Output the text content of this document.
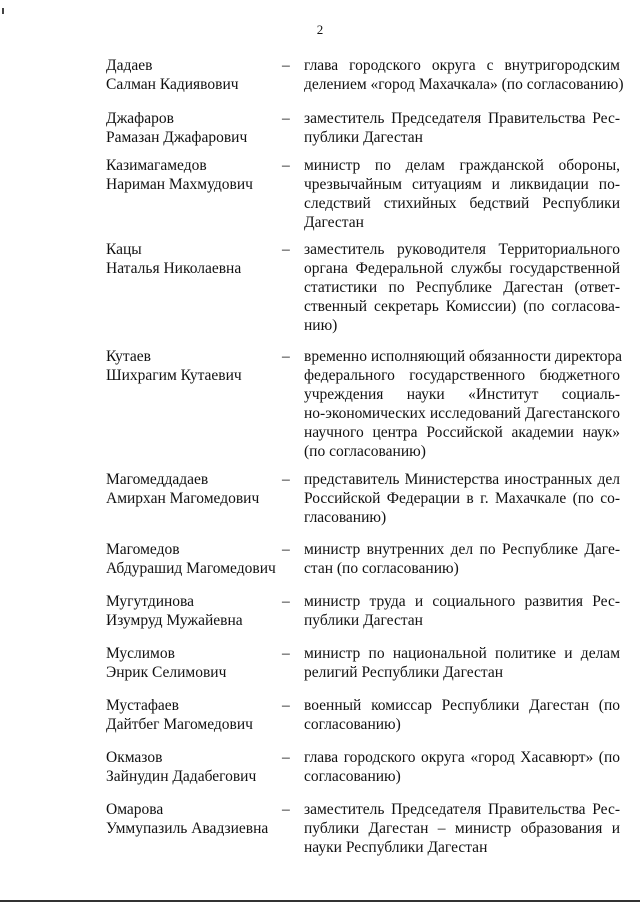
2
Дадаев
Салман Кадиявович
– глава городского округа с внутригородским
делением «город Махачкала» (по согласованию)
Джафаров
Рамазан Джафарович
– заместитель Председателя Правительства Рес-
публики Дагестан
Казимагамедов
Нариман Махмудович
– министр по делам гражданской обороны,
чрезвычайным ситуациям и ликвидации по-
следствий стихийных бедствий Республики
Дагестан
Кацы
Наталья Николаевна
– заместитель руководителя Территориального
органа Федеральной службы государственной
статистики по Республике Дагестан (ответ-
ственный секретарь Комиссии) (по согласова-
нию)
Кутаев
Шихрагим Кутаевич
– временно исполняющий обязанности директора
федерального государственного бюджетного
учреждения науки «Институт социаль-
но-экономических исследований Дагестанского
научного центра Российской академии наук»
(по согласованию)
Магомеддадаев
Амирхан Магомедович
– представитель Министерства иностранных дел
Российской Федерации в г. Махачкале (по со-
гласованию)
Магомедов
Абдурашид Магомедович
– министр внутренних дел по Республике Даге-
стан (по согласованию)
Мугутдинова
Изумруд Мужайевна
– министр труда и социального развития Рес-
публики Дагестан
Муслимов
Энрик Селимович
– министр по национальной политике и делам
религий Республики Дагестан
Мустафаев
Дайтбег Магомедович
– военный комиссар Республики Дагестан (по
согласованию)
Окмазов
Зайнудин Дадабегович
– глава городского округа «город Хасавюрт» (по
согласованию)
Омарова
Уммупазиль Авадзиевна
– заместитель Председателя Правительства Рес-
публики Дагестан – министр образования и
науки Республики Дагестан
